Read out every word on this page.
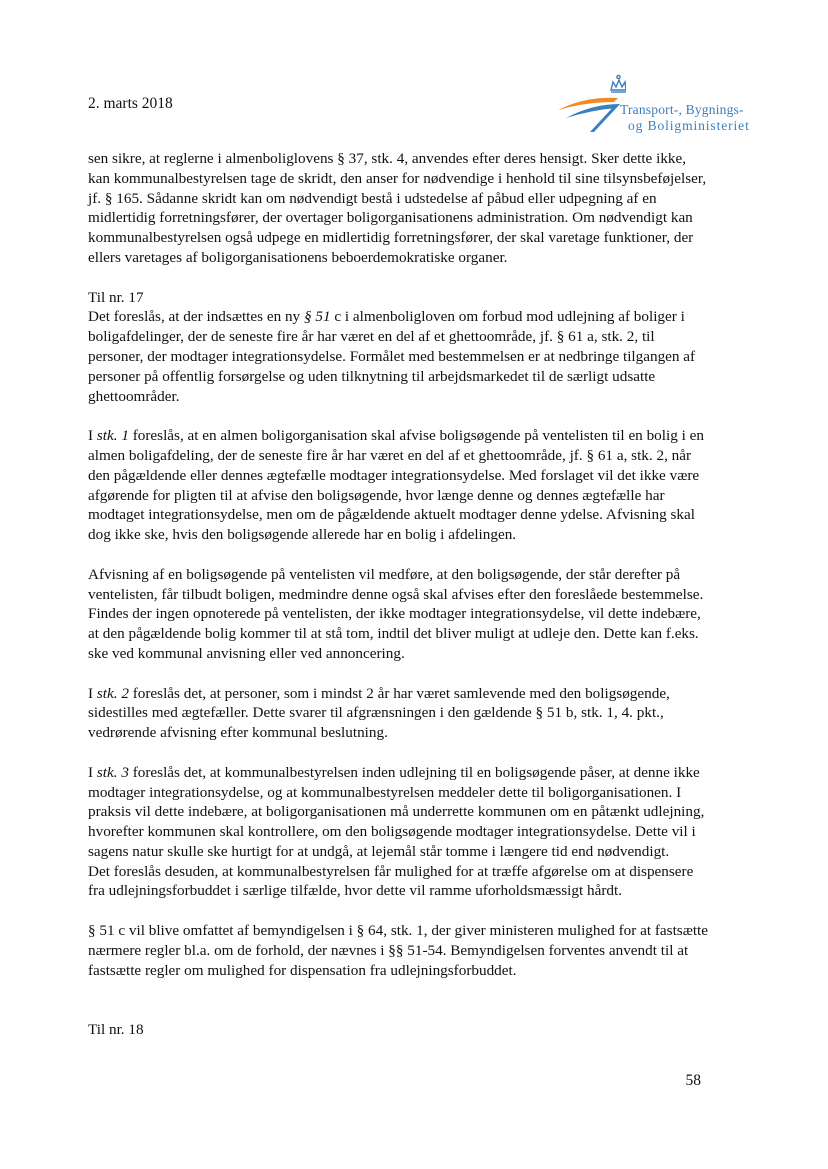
2. marts 2018	Transport-, Bygnings-
og Boligministeriet

sen sikre, at reglerne i almenboliglovens § 37, stk. 4, anvendes efter deres hensigt. Sker dette ikke, kan kommunalbestyrelsen tage de skridt, den anser for nødvendige i henhold til sine tilsynsbeføjelser, jf. § 165. Sådanne skridt kan om nødvendigt bestå i udstedelse af påbud eller udpegning af en midlertidig forretningsfører, der overtager boligorganisationens administration. Om nødvendigt kan kommunalbestyrelsen også udpege en midlertidig forretningsfører, der skal varetage funktioner, der ellers varetages af boligorganisationens beboerdemokratiske organer.

Til nr. 17

Det foreslås, at der indsættes en ny § 51 c i almenboligloven om forbud mod udlejning af boliger i boligafdelinger, der de seneste fire år har været en del af et ghettoområde, jf. § 61 a, stk. 2, til personer, der modtager integrationsydelse. Formålet med bestemmelsen er at nedbringe tilgangen af personer på offentlig forsørgelse og uden tilknytning til arbejdsmarkedet til de særligt udsatte ghettoområder.

I stk. 1 foreslås, at en almen boligorganisation skal afvise boligsøgende på ventelisten til en bolig i en almen boligafdeling, der de seneste fire år har været en del af et ghettoområde, jf. § 61 a, stk. 2, når den pågældende eller dennes ægtefælle modtager integrationsydelse. Med forslaget vil det ikke være afgørende for pligten til at afvise den boligsøgende, hvor længe denne og dennes ægtefælle har modtaget integrationsydelse, men om de pågældende aktuelt modtager denne ydelse. Afvisning skal dog ikke ske, hvis den boligsøgende allerede har en bolig i afdelingen.

Afvisning af en boligsøgende på ventelisten vil medføre, at den boligsøgende, der står derefter på ventelisten, får tilbudt boligen, medmindre denne også skal afvises efter den foreslåede bestemmelse. Findes der ingen opnoterede på ventelisten, der ikke modtager integrationsydelse, vil dette indebære, at den pågældende bolig kommer til at stå tom, indtil det bliver muligt at udleje den. Dette kan f.eks. ske ved kommunal anvisning eller ved annoncering.

I stk. 2 foreslås det, at personer, som i mindst 2 år har været samlevende med den boligsøgende, sidestilles med ægtefæller. Dette svarer til afgrænsningen i den gældende § 51 b, stk. 1, 4. pkt., vedrørende afvisning efter kommunal beslutning.

I stk. 3 foreslås det, at kommunalbestyrelsen inden udlejning til en boligsøgende påser, at denne ikke modtager integrationsydelse, og at kommunalbestyrelsen meddeler dette til boligorganisationen. I praksis vil dette indebære, at boligorganisationen må underrette kommunen om en påtænkt udlejning, hvorefter kommunen skal kontrollere, om den boligsøgende modtager integrationsydelse. Dette vil i sagens natur skulle ske hurtigt for at undgå, at lejemål står tomme i længere tid end nødvendigt.

Det foreslås desuden, at kommunalbestyrelsen får mulighed for at træffe afgørelse om at dispensere fra udlejningsforbuddet i særlige tilfælde, hvor dette vil ramme uforholdsmæssigt hårdt.

§ 51 c vil blive omfattet af bemyndigelsen i § 64, stk. 1, der giver ministeren mulighed for at fastsætte nærmere regler bl.a. om de forhold, der nævnes i §§ 51-54. Bemyndigelsen forventes anvendt til at fastsætte regler om mulighed for dispensation fra udlejningsforbuddet.

Til nr. 18

58
